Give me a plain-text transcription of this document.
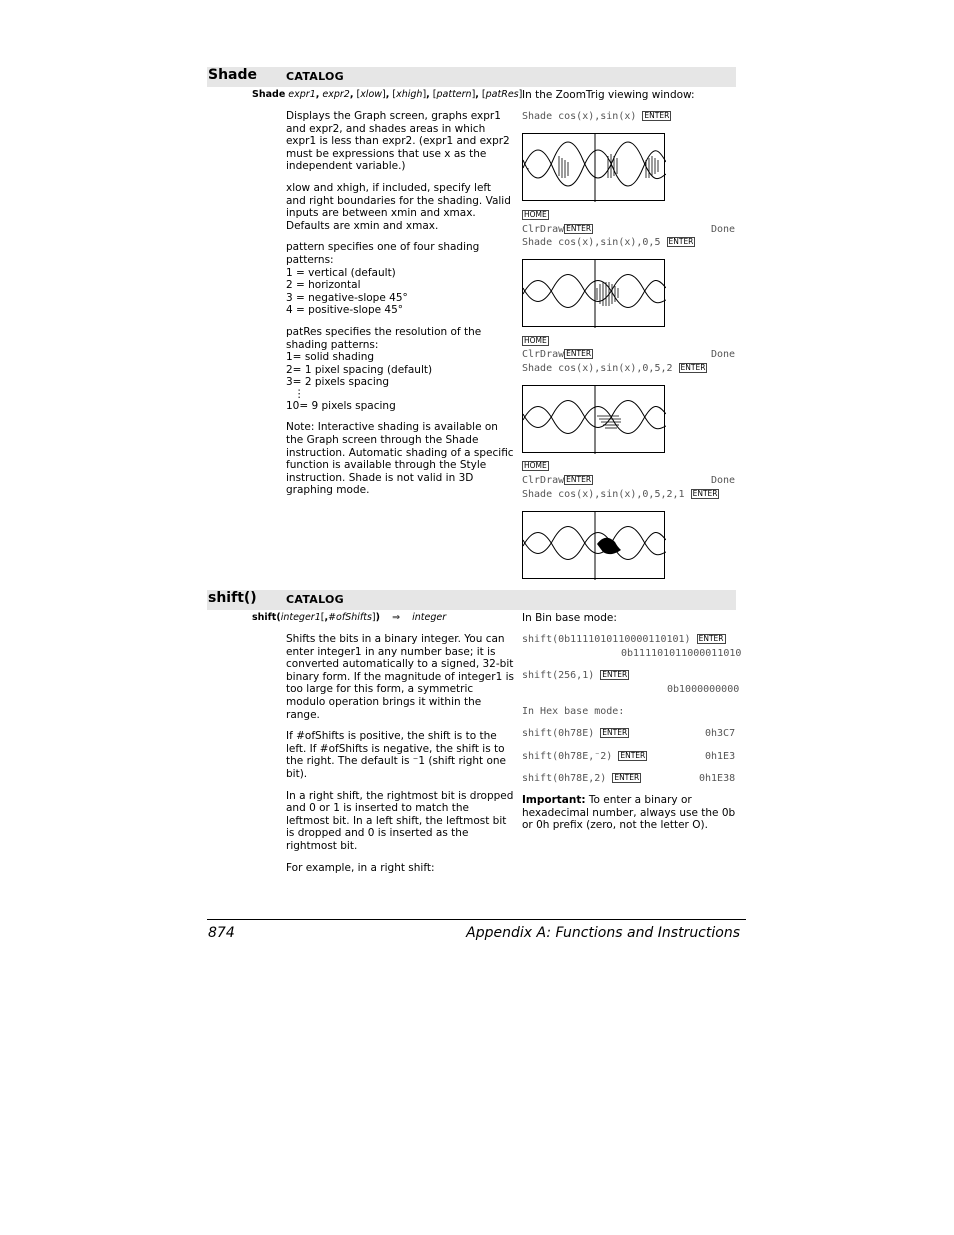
Shade	CATALOG
Shade expr1, expr2, [xlow], [xhigh], [pattern], [patRes]
Displays the Graph screen, graphs expr1 and expr2, and shades areas in which expr1 is less than expr2. (expr1 and expr2 must be expressions that use x as the independent variable.)
xlow and xhigh, if included, specify left and right boundaries for the shading. Valid inputs are between xmin and xmax. Defaults are xmin and xmax.
pattern specifies one of four shading patterns:
1 = vertical (default)
2 = horizontal
3 = negative-slope 45°
4 = positive-slope 45°
patRes specifies the resolution of the shading patterns:
1= solid shading
2= 1 pixel spacing (default)
3= 2 pixels spacing
⋮
10= 9 pixels spacing
Note: Interactive shading is available on the Graph screen through the Shade instruction. Automatic shading of a specific function is available through the Style instruction. Shade is not valid in 3D graphing mode.
In the ZoomTrig viewing window:
Shade cos(x),sin(x) ENTER
HOME
ClrDraw ENTER	Done
Shade cos(x),sin(x),0,5 ENTER
HOME
ClrDraw ENTER	Done
Shade cos(x),sin(x),0,5,2 ENTER
HOME
ClrDraw ENTER	Done
Shade cos(x),sin(x),0,5,2,1 ENTER
shift()	CATALOG
shift(integer1[,#ofShifts])    ⇒    integer
Shifts the bits in a binary integer. You can enter integer1 in any number base; it is converted automatically to a signed, 32-bit binary form. If the magnitude of integer1 is too large for this form, a symmetric modulo operation brings it within the range.
If #ofShifts is positive, the shift is to the left. If #ofShifts is negative, the shift is to the right. The default is ⁻1 (shift right one bit).
In a right shift, the rightmost bit is dropped and 0 or 1 is inserted to match the leftmost bit. In a left shift, the leftmost bit is dropped and 0 is inserted as the rightmost bit.
For example, in a right shift:
In Bin base mode:
shift(0b1111010110000110101) ENTER
0b111101011000011010
shift(256,1) ENTER
0b1000000000
In Hex base mode:
shift(0h78E) ENTER	0h3C7
shift(0h78E,⁻2) ENTER	0h1E3
shift(0h78E,2) ENTER	0h1E38
Important: To enter a binary or hexadecimal number, always use the 0b or 0h prefix (zero, not the letter O).
874	Appendix A: Functions and Instructions
